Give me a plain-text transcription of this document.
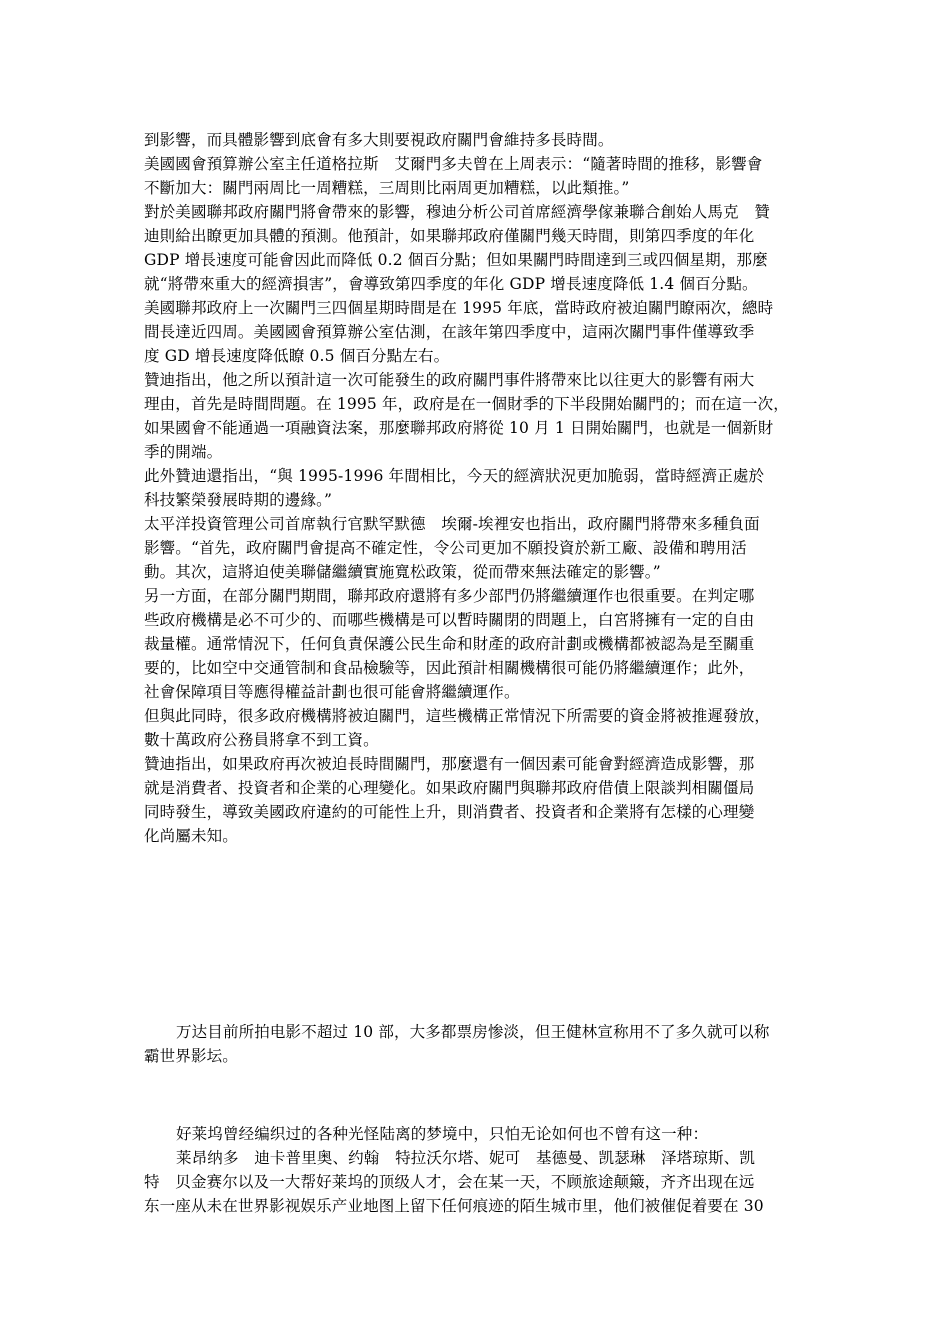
到影響，而具體影響到底會有多大則要視政府關門會維持多長時間。
美國國會預算辦公室主任道格拉斯　艾爾門多夫曾在上周表示：“隨著時間的推移，影響會
不斷加大：關門兩周比一周糟糕，三周則比兩周更加糟糕，以此類推。”
對於美國聯邦政府關門將會帶來的影響，穆迪分析公司首席經濟學傢兼聯合創始人馬克　贊
迪則給出瞭更加具體的預測。他預計，如果聯邦政府僅關門幾天時間，則第四季度的年化
GDP 增長速度可能會因此而降低 0.2 個百分點；但如果關門時間達到三或四個星期，那麼
就“將帶來重大的經濟損害”，會導致第四季度的年化 GDP 增長速度降低 1.4 個百分點。
美國聯邦政府上一次關門三四個星期時間是在 1995 年底，當時政府被迫關門瞭兩次，總時
間長達近四周。美國國會預算辦公室估測，在該年第四季度中，這兩次關門事件僅導致季
度 GD 增長速度降低瞭 0.5 個百分點左右。
贊迪指出，他之所以預計這一次可能發生的政府關門事件將帶來比以往更大的影響有兩大
理由，首先是時間問題。在 1995 年，政府是在一個財季的下半段開始關門的；而在這一次，
如果國會不能通過一項融資法案，那麼聯邦政府將從 10 月 1 日開始關門，也就是一個新財
季的開端。
此外贊迪還指出，“與 1995-1996 年間相比，今天的經濟狀況更加脆弱，當時經濟正處於
科技繁榮發展時期的邊緣。”
太平洋投資管理公司首席執行官默罕默德　埃爾-埃裡安也指出，政府關門將帶來多種負面
影響。“首先，政府關門會提高不確定性，令公司更加不願投資於新工廠、設備和聘用活
動。其次，這將迫使美聯儲繼續實施寬松政策，從而帶來無法確定的影響。”
另一方面，在部分關門期間，聯邦政府還將有多少部門仍將繼續運作也很重要。在判定哪
些政府機構是必不可少的、而哪些機構是可以暫時關閉的問題上，白宮將擁有一定的自由
裁量權。通常情況下，任何負責保護公民生命和財產的政府計劃或機構都被認為是至關重
要的，比如空中交通管制和食品檢驗等，因此預計相關機構很可能仍將繼續運作；此外，
社會保障項目等應得權益計劃也很可能會將繼續運作。
但與此同時，很多政府機構將被迫關門，這些機構正常情況下所需要的資金將被推遲發放，
數十萬政府公務員將拿不到工資。
贊迪指出，如果政府再次被迫長時間關門，那麼還有一個因素可能會對經濟造成影響，那
就是消費者、投資者和企業的心理變化。如果政府關門與聯邦政府借債上限談判相關僵局
同時發生，導致美國政府違約的可能性上升，則消費者、投資者和企業將有怎樣的心理變
化尚屬未知。
万达目前所拍电影不超过 10 部，大多都票房惨淡，但王健林宣称用不了多久就可以称
霸世界影坛。
好莱坞曾经编织过的各种光怪陆离的梦境中，只怕无论如何也不曾有这一种：
莱昂纳多　迪卡普里奥、约翰　特拉沃尔塔、妮可　基德曼、凯瑟琳　泽塔琼斯、凯
特　贝金赛尔以及一大帮好莱坞的顶级人才，会在某一天，不顾旅途颠簸，齐齐出现在远
东一座从未在世界影视娱乐产业地图上留下任何痕迹的陌生城市里，他们被催促着要在 30
